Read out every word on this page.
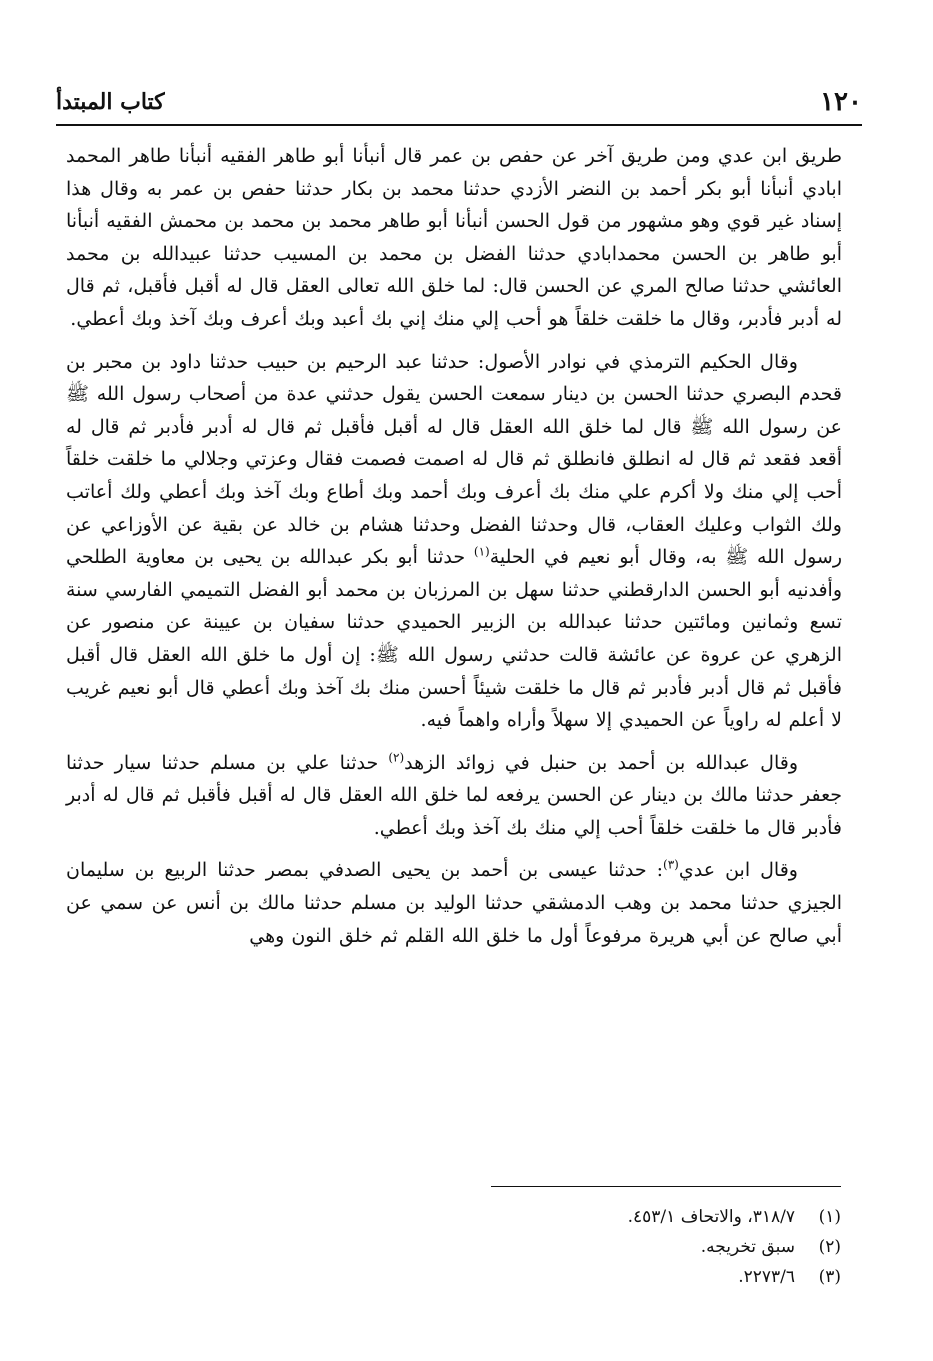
١٢٠
كتاب المبتدأ

طريق ابن عدي ومن طريق آخر عن حفص بن عمر قال أنبأنا أبو طاهر الفقيه أنبأنا طاهر المحمد ابادي أنبأنا أبو بكر أحمد بن النضر الأزدي حدثنا محمد بن بكار حدثنا حفص بن عمر به وقال هذا إسناد غير قوي وهو مشهور من قول الحسن أنبأنا أبو طاهر محمد بن محمد بن محمش الفقيه أنبأنا أبو طاهر بن الحسن محمدابادي حدثنا الفضل بن محمد بن المسيب حدثنا عبيدالله بن محمد العائشي حدثنا صالح المري عن الحسن قال: لما خلق الله تعالى العقل قال له أقبل فأقبل، ثم قال له أدبر فأدبر، وقال ما خلقت خلقاً هو أحب إلي منك إني بك أعبد وبك أعرف وبك آخذ وبك أعطي.

وقال الحكيم الترمذي في نوادر الأصول: حدثنا عبد الرحيم بن حبيب حدثنا داود بن محبر بن قحدم البصري حدثنا الحسن بن دينار سمعت الحسن يقول حدثني عدة من أصحاب رسول الله ﷺ عن رسول الله ﷺ قال لما خلق الله العقل قال له أقبل فأقبل ثم قال له أدبر فأدبر ثم قال له أقعد فقعد ثم قال له انطلق فانطلق ثم قال له اصمت فصمت فقال وعزتي وجلالي ما خلقت خلقاً أحب إلي منك ولا أكرم علي منك بك أعرف وبك أحمد وبك أطاع وبك آخذ وبك أعطي ولك أعاتب ولك الثواب وعليك العقاب، قال وحدثنا الفضل وحدثنا هشام بن خالد عن بقية عن الأوزاعي عن رسول الله ﷺ به، وقال أبو نعيم في الحلية$^{(١)}$ حدثنا أبو بكر عبدالله بن يحيى بن معاوية الطلحي وأفدنيه أبو الحسن الدارقطني حدثنا سهل بن المرزبان بن محمد أبو الفضل التميمي الفارسي سنة تسع وثمانين ومائتين حدثنا عبدالله بن الزبير الحميدي حدثنا سفيان بن عيينة عن منصور عن الزهري عن عروة عن عائشة قالت حدثني رسول الله ﷺ: إن أول ما خلق الله العقل قال أقبل فأقبل ثم قال أدبر فأدبر ثم قال ما خلقت شيئاً أحسن منك بك آخذ وبك أعطي قال أبو نعيم غريب لا أعلم له راوياً عن الحميدي إلا سهلاً وأراه واهماً فيه.

وقال عبدالله بن أحمد بن حنبل في زوائد الزهد$^{(٢)}$ حدثنا علي بن مسلم حدثنا سيار حدثنا جعفر حدثنا مالك بن دينار عن الحسن يرفعه لما خلق الله العقل قال له أقبل فأقبل ثم قال له أدبر فأدبر قال ما خلقت خلقاً أحب إلي منك بك آخذ وبك أعطي.

وقال ابن عدي$^{(٣)}$: حدثنا عيسى بن أحمد بن يحيى الصدفي بمصر حدثنا الربيع بن سليمان الجيزي حدثنا محمد بن وهب الدمشقي حدثنا الوليد بن مسلم حدثنا مالك بن أنس عن سمي عن أبي صالح عن أبي هريرة مرفوعاً أول ما خلق الله القلم ثم خلق النون وهي

(١)٣١٨/٧، والاتحاف ٤٥٣/١.
(٢)سبق تخريجه.
(٣)٢٢٧٣/٦.
